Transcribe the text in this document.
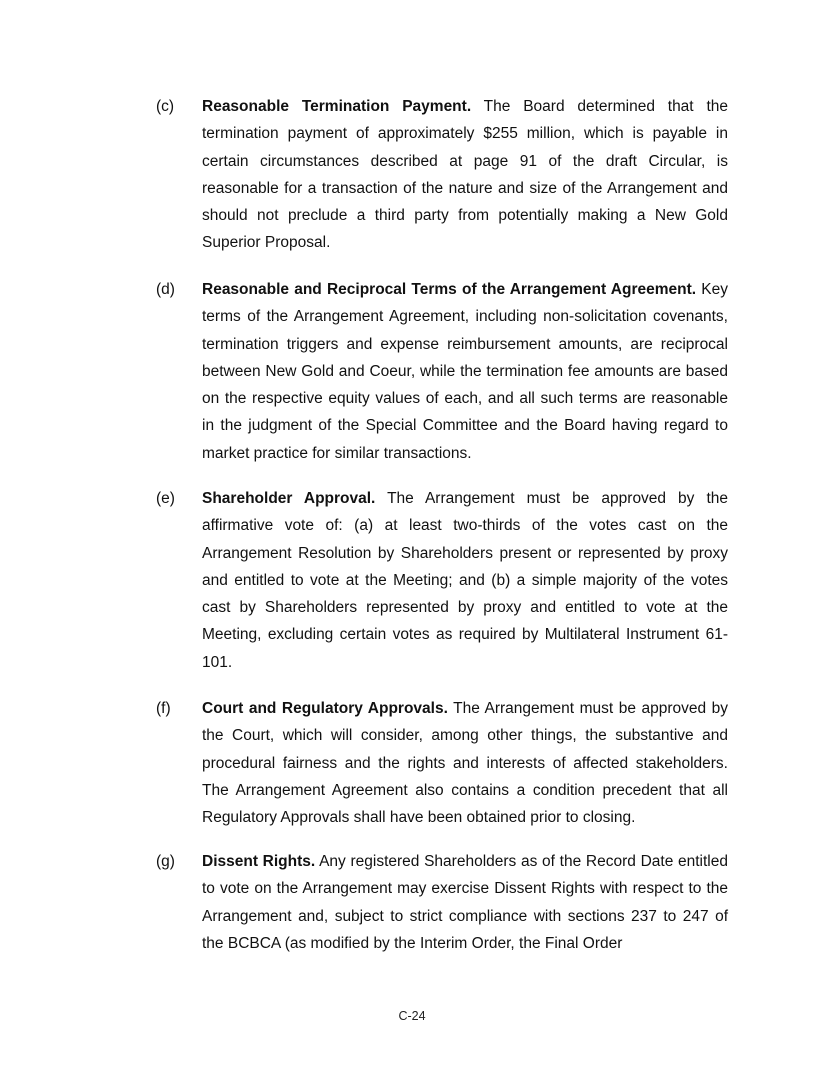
(c) Reasonable Termination Payment. The Board determined that the termination payment of approximately $255 million, which is payable in certain circumstances described at page 91 of the draft Circular, is reasonable for a transaction of the nature and size of the Arrangement and should not preclude a third party from potentially making a New Gold Superior Proposal.
(d) Reasonable and Reciprocal Terms of the Arrangement Agreement. Key terms of the Arrangement Agreement, including non-solicitation covenants, termination triggers and expense reimbursement amounts, are reciprocal between New Gold and Coeur, while the termination fee amounts are based on the respective equity values of each, and all such terms are reasonable in the judgment of the Special Committee and the Board having regard to market practice for similar transactions.
(e) Shareholder Approval. The Arrangement must be approved by the affirmative vote of: (a) at least two-thirds of the votes cast on the Arrangement Resolution by Shareholders present or represented by proxy and entitled to vote at the Meeting; and (b) a simple majority of the votes cast by Shareholders represented by proxy and entitled to vote at the Meeting, excluding certain votes as required by Multilateral Instrument 61-101.
(f) Court and Regulatory Approvals. The Arrangement must be approved by the Court, which will consider, among other things, the substantive and procedural fairness and the rights and interests of affected stakeholders. The Arrangement Agreement also contains a condition precedent that all Regulatory Approvals shall have been obtained prior to closing.
(g) Dissent Rights. Any registered Shareholders as of the Record Date entitled to vote on the Arrangement may exercise Dissent Rights with respect to the Arrangement and, subject to strict compliance with sections 237 to 247 of the BCBCA (as modified by the Interim Order, the Final Order
C-24
